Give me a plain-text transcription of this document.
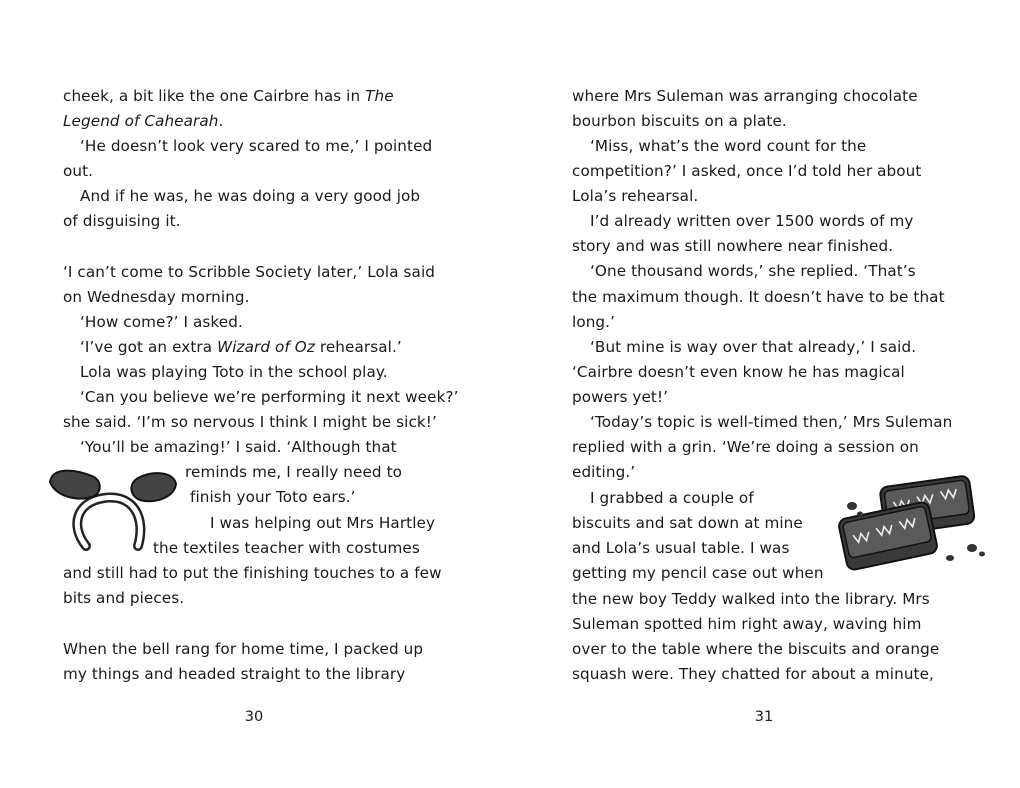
cheek, a bit like the one Cairbre has in The
Legend of Cahearah.
‘He doesn’t look very scared to me,’ I pointed
out.
And if he was, he was doing a very good job
of disguising it.
‘I can’t come to Scribble Society later,’ Lola said
on Wednesday morning.
‘How come?’ I asked.
‘I’ve got an extra Wizard of Oz rehearsal.’
Lola was playing Toto in the school play.
‘Can you believe we’re performing it next week?’
she said. ‘I’m so nervous I think I might be sick!’
‘You’ll be amazing!’ I said. ‘Although that
reminds me, I really need to
finish your Toto ears.’
I was helping out Mrs Hartley
the textiles teacher with costumes
and still had to put the finishing touches to a few
bits and pieces.
When the bell rang for home time, I packed up
my things and headed straight to the library
30
where Mrs Suleman was arranging chocolate
bourbon biscuits on a plate.
‘Miss, what’s the word count for the
competition?’ I asked, once I’d told her about
Lola’s rehearsal.
I’d already written over 1500 words of my
story and was still nowhere near finished.
‘One thousand words,’ she replied. ‘That’s
the maximum though. It doesn’t have to be that
long.’
‘But mine is way over that already,’ I said.
‘Cairbre doesn’t even know he has magical
powers yet!’
‘Today’s topic is well-timed then,’ Mrs Suleman
replied with a grin. ‘We’re doing a session on
editing.’
I grabbed a couple of
biscuits and sat down at mine
and Lola’s usual table. I was
getting my pencil case out when
the new boy Teddy walked into the library. Mrs
Suleman spotted him right away, waving him
over to the table where the biscuits and orange
squash were. They chatted for about a minute,
31
